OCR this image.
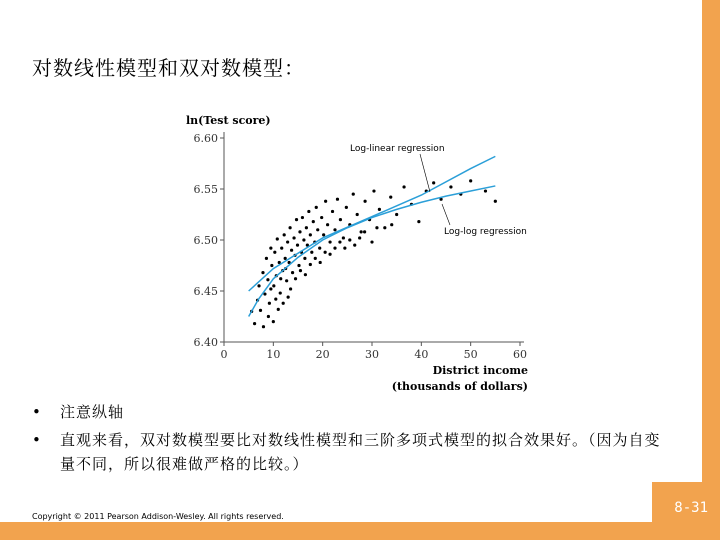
对数线性模型和双对数模型：
6.40
6.45
6.50
6.55
6.60
0	10	20	30	40	50	60
ln(Test score)
District income
(thousands of dollars)
Log-linear regression
Log-log regression
•	注意纵轴
•	直观来看，双对数模型要比对数线性模型和三阶多项式模型的拟合效果好。（因为自变量不同，所以很难做严格的比较。）
Copyright © 2011 Pearson Addison-Wesley. All rights reserved.
8-31
